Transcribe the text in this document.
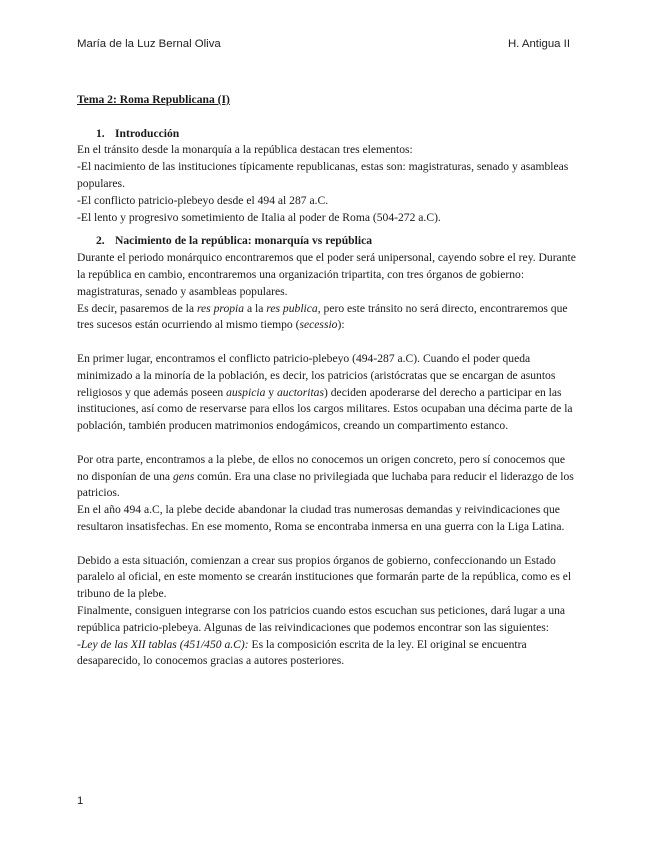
María de la Luz Bernal Oliva	H. Antigua II

Tema 2: Roma Republicana (I)

1. Introducción

En el tránsito desde la monarquía a la república destacan tres elementos:

-El nacimiento de las instituciones típicamente republicanas, estas son: magistraturas, senado y asambleas populares.

-El conflicto patricio-plebeyo desde el 494 al 287 a.C.

-El lento y progresivo sometimiento de Italia al poder de Roma (504-272 a.C).

2. Nacimiento de la república: monarquía vs república

Durante el periodo monárquico encontraremos que el poder será unipersonal, cayendo sobre el rey. Durante la república en cambio, encontraremos una organización tripartita, con tres órganos de gobierno: magistraturas, senado y asambleas populares.

Es decir, pasaremos de la res propia a la res publica, pero este tránsito no será directo, encontraremos que tres sucesos están ocurriendo al mismo tiempo (secessio):

En primer lugar, encontramos el conflicto patricio-plebeyo (494-287 a.C). Cuando el poder queda minimizado a la minoría de la población, es decir, los patricios (aristócratas que se encargan de asuntos religiosos y que además poseen auspicia y auctoritas) deciden apoderarse del derecho a participar en las instituciones, así como de reservarse para ellos los cargos militares. Estos ocupaban una décima parte de la población, también producen matrimonios endogámicos, creando un compartimento estanco.

Por otra parte, encontramos a la plebe, de ellos no conocemos un origen concreto, pero sí conocemos que no disponían de una gens común. Era una clase no privilegiada que luchaba para reducir el liderazgo de los patricios.

En el año 494 a.C, la plebe decide abandonar la ciudad tras numerosas demandas y reivindicaciones que resultaron insatisfechas. En ese momento, Roma se encontraba inmersa en una guerra con la Liga Latina.

Debido a esta situación, comienzan a crear sus propios órganos de gobierno, confeccionando un Estado paralelo al oficial, en este momento se crearán instituciones que formarán parte de la república, como es el tribuno de la plebe.

Finalmente, consiguen integrarse con los patricios cuando estos escuchan sus peticiones, dará lugar a una república patricio-plebeya. Algunas de las reivindicaciones que podemos encontrar son las siguientes:

-Ley de las XII tablas (451/450 a.C): Es la composición escrita de la ley. El original se encuentra desaparecido, lo conocemos gracias a autores posteriores.

1
